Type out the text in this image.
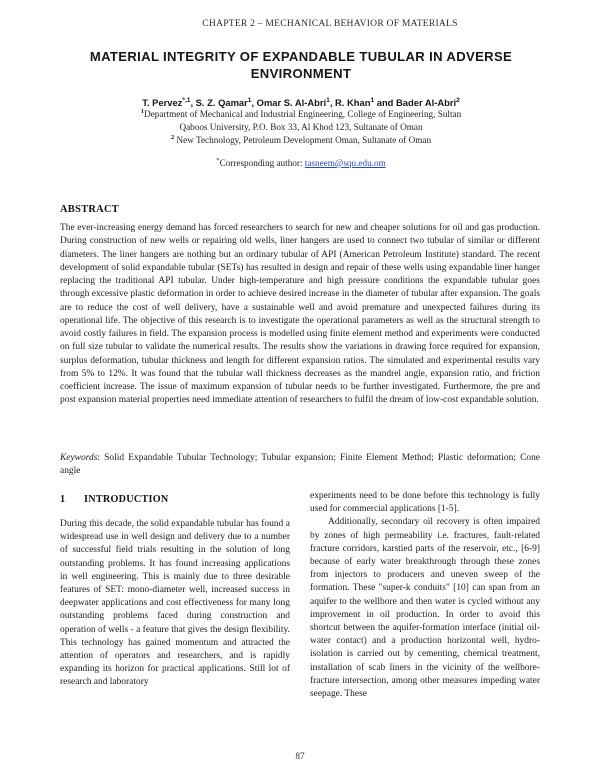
CHAPTER 2 – MECHANICAL BEHAVIOR OF MATERIALS
MATERIAL INTEGRITY OF EXPANDABLE TUBULAR IN ADVERSE ENVIRONMENT
T. Pervez$^{*,1}$, S. Z. Qamar$^1$, Omar S. Al-Abri$^1$, R. Khan$^1$ and Bader Al-Abri$^2$
$^1$Department of Mechanical and Industrial Engineering, College of Engineering, Sultan
Qaboos University, P.O. Box 33, Al Khod 123, Sultanate of Oman
$^2$ New Technology, Petroleum Development Oman, Sultanate of Oman
*Corresponding author: tasneem@squ.edu.om
ABSTRACT
The ever-increasing energy demand has forced researchers to search for new and cheaper solutions for oil and gas production. During construction of new wells or repairing old wells, liner hangers are used to connect two tubular of similar or different diameters. The liner hangers are nothing but an ordinary tubular of API (American Petroleum Institute) standard. The recent development of solid expandable tubular (SETs) has resulted in design and repair of these wells using expandable liner hanger replacing the traditional API tubular. Under high-temperature and high pressure conditions the expandable tubular goes through excessive plastic deformation in order to achieve desired increase in the diameter of tubular after expansion. The goals are to reduce the cost of well delivery, have a sustainable well and avoid premature and unexpected failures during its operational life. The objective of this research is to investigate the operational parameters as well as the structural strength to avoid costly failures in field. The expansion process is modelled using finite element method and experiments were conducted on full size tubular to validate the numerical results. The results show the variations in drawing force required for expansion, surplus deformation, tubular thickness and length for different expansion ratios. The simulated and experimental results vary from 5% to 12%. It was found that the tubular wall thickness decreases as the mandrel angle, expansion ratio, and friction coefficient increase. The issue of maximum expansion of tubular needs to be further investigated. Furthermore, the pre and post expansion material properties need immediate attention of researchers to fulfil the dream of low-cost expandable solution.
Keywords: Solid Expandable Tubular Technology; Tubular expansion; Finite Element Method; Plastic deformation; Cone angle
1 INTRODUCTION

During this decade, the solid expandable tubular has found a widespread use in well design and delivery due to a number of successful field trials resulting in the solution of long outstanding problems. It has found increasing applications in well engineering. This is mainly due to three desirable features of SET: mono-diameter well, increased success in deepwater applications and cost effectiveness for many long outstanding problems faced during construction and operation of wells - a feature that gives the design flexibility. This technology has gained momentum and attracted the attention of operators and researchers, and is rapidly expanding its horizon for practical applications. Still lot of research and laboratory

experiments need to be done before this technology is fully used for commercial applications [1-5].

Additionally, secondary oil recovery is often impaired by zones of high permeability i.e. fractures, fault-related fracture corridors, karstied parts of the reservoir, etc., [6-9] because of early water breakthrough through these zones from injectors to producers and uneven sweep of the formation. These "super-k conduits" [10] can span from an aquifer to the wellbore and then water is cycled without any improvement in oil production. In order to avoid this shortcut between the aquifer-formation interface (initial oil-water contact) and a production horizontal well, hydro-isolation is carried out by cementing, chemical treatment, installation of scab liners in the vicinity of the wellbore-fracture intersection, among other measures impeding water seepage. These

87
